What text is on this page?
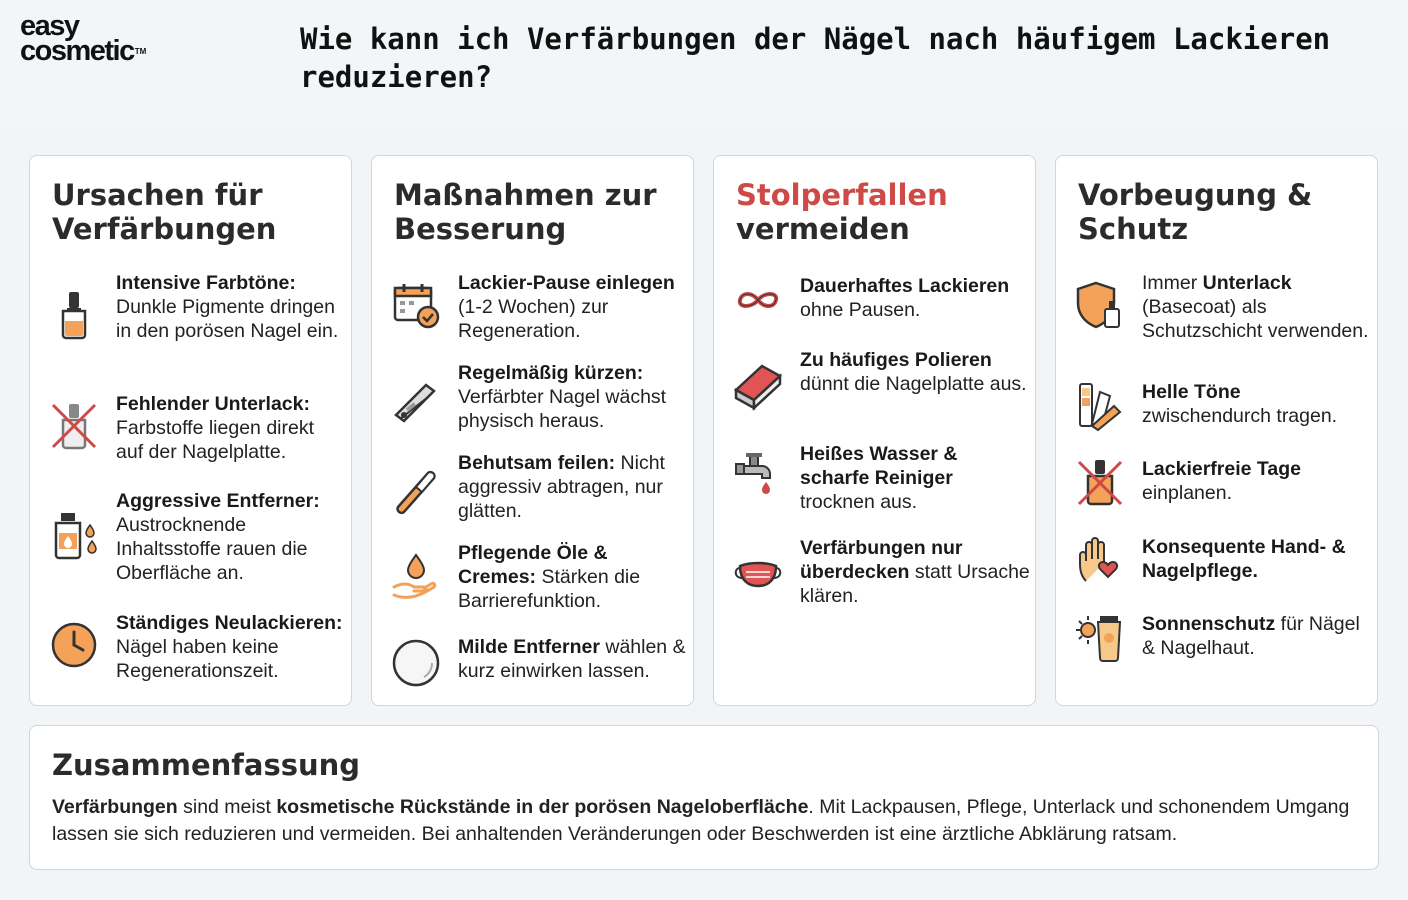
easy
cosmetic™	Wie kann ich Verfärbungen der Nägel nach häufigem Lackieren reduzieren?
Ursachen für Verfärbungen
Intensive Farbtöne: Dunkle Pigmente dringen in den porösen Nagel ein.
Fehlender Unterlack: Farbstoffe liegen direkt auf der Nagelplatte.
Aggressive Entferner: Austrocknende Inhaltsstoffe rauen die Oberfläche an.
Ständiges Neulackieren: Nägel haben keine Regenerationszeit.
Maßnahmen zur Besserung
Lackier-Pause einlegen (1-2 Wochen) zur Regeneration.
Regelmäßig kürzen: Verfärbter Nagel wächst physisch heraus.
Behutsam feilen: Nicht aggressiv abtragen, nur glätten.
Pflegende Öle & Cremes: Stärken die Barrierefunktion.
Milde Entferner wählen & kurz einwirken lassen.
Stolperfallen
vermeiden
Dauerhaftes Lackieren ohne Pausen.
Zu häufiges Polieren dünnt die Nagelplatte aus.
Heißes Wasser & scharfe Reiniger trocknen aus.
Verfärbungen nur überdecken statt Ursache klären.
Vorbeugung & Schutz
Immer Unterlack (Basecoat) als Schutzschicht verwenden.
Helle Töne zwischendurch tragen.
Lackierfreie Tage einplanen.
Konsequente Hand- & Nagelpflege.
Sonnenschutz für Nägel & Nagelhaut.
Zusammenfassung

Verfärbungen sind meist kosmetische Rückstände in der porösen Nageloberfläche. Mit Lackpausen, Pflege, Unterlack und schonendem Umgang lassen sie sich reduzieren und vermeiden. Bei anhaltenden Veränderungen oder Beschwerden ist eine ärztliche Abklärung ratsam.
